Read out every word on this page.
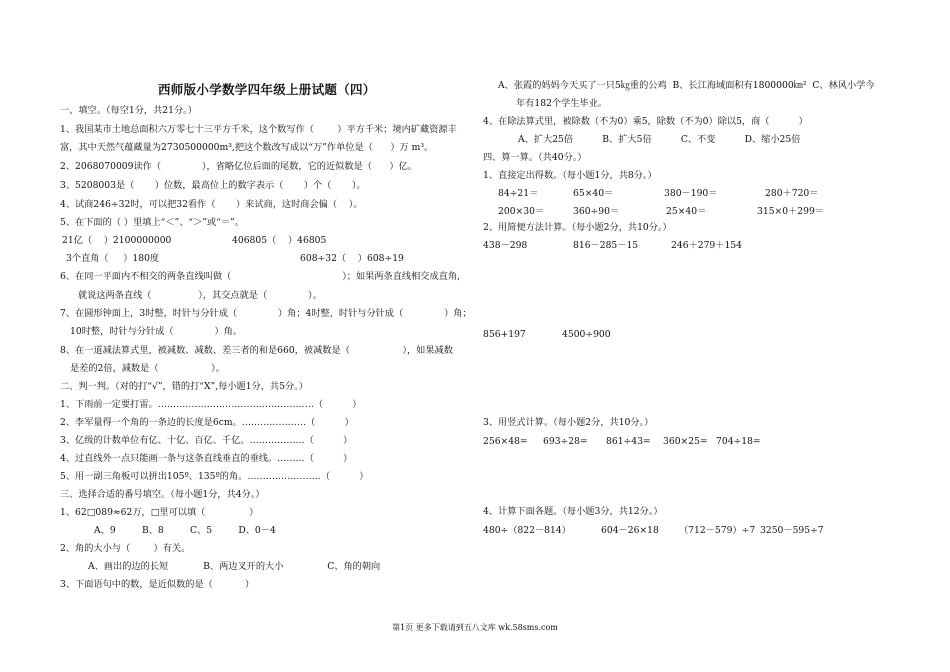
西师版小学数学四年级上册试题（四）
一、填空。（每空1分，共21分。）
1、我国某市土地总面积六万零七十三平方千米，这个数写作（        ）平方千米；境内矿藏资源丰
富，其中天然气蕴藏量为2730500000m³,把这个数改写成以“万”作单位是（      ）万 m³。
2、2068070009读作（              ），省略亿位后面的尾数，它的近似数是（      ）亿。
3、5208003是（       ）位数，最高位上的数字表示（       ）个（       ）。
4、试商246÷32时，可以把32看作（       ）来试商，这时商会偏（    ）。
5、在下面的（ ）里填上“＜”、“＞”或“＝”。
21亿（    ）2100000000	406805（    ）46805
3个直角（     ）180度	608÷32（    ）608÷19
6、在同一平面内不相交的两条直线叫做（                                      ）；如果两条直线相交成直角,
就说这两条直线（                ），其交点就是（              ）。
7、在圆形钟面上，3时整，时针与分针成（              ）角；4时整，时针与分针成（              ）角；
10时整，时针与分针成（              ）角。
8、在一道减法算式里，被减数、减数、差三者的和是660，被减数是（                  ），如果减数
是差的2倍，减数是（                  ）。
二、判一判。（对的打“√”，错的打“X”,每小题1分，共5分。）
1、下雨前一定要打雷。……………………………………………（          ）
2、李军量得一个角的一条边的长度是6cm。…………………（          ）
3、亿级的计数单位有亿、十亿、百亿、千亿。………………（          ）
4、过直线外一点只能画一条与这条直线垂直的垂线。………（          ）
5、用一副三角板可以拼出105º、135º的角。……………………（          ）
三、选择合适的番号填空。（每小题1分，共4分。）
1、62□089≈62万，□里可以填（               ）
A、9         B、8         C、5         D、0－4
2、角的大小与（        ）有关。
A、画出的边的长短            B、两边叉开的大小               C、角的朝向
3、下面语句中的数，是近似数的是（           ）
A、张霞的妈妈今天买了一只5㎏重的公鸡  B、长江海域面积有1800000㎞²  C、林风小学今
年有182个学生毕业。
4、在除法算式里，被除数（不为0）乘5，除数（不为0）除以5，商（          ）
A、扩大25倍          B、扩大5倍          C、不变          D、缩小25倍
四、算一算。（共40分。）
1、直接定出得数。（每小题1分，共8分。）
2、用简便方法计算。（每小题2分，共10分。）
3、用竖式计算。（每小题2分，共10分。）
4、计算下面各题。（每小题3分，共12分。）
84÷21＝	65×40＝	380－190＝	280＋720＝
200×30＝	360÷90＝	25×40＝	315×0＋299＝
438－298	816－285－15	246＋279＋154
856+197	4500÷900
256×48= 693÷28= 861÷43= 360×25= 704÷18=
480÷（822－814）	604－26×18 （712－579）÷7 3250－595÷7
第1页 更多下载请到五八文库 wk.58sms.com
